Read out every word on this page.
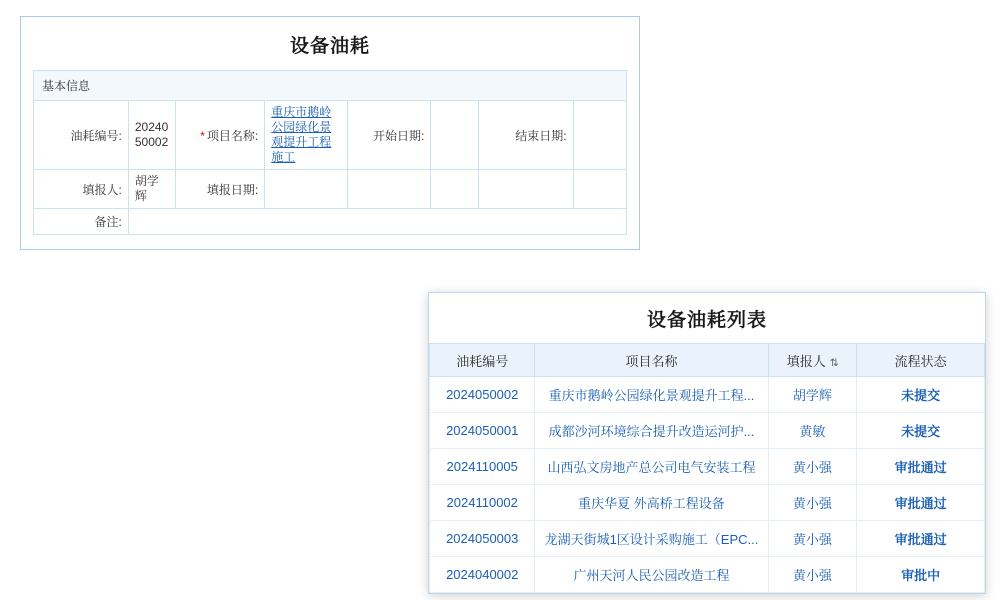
设备油耗
基本信息
油耗编号:	20240 50002	* 项目名称:	重庆市鹅岭公园绿化景观提升工程施工	开始日期:		结束日期:	
填报人:	胡学辉	填报日期:					
备注:							
设备油耗列表
油耗编号	项目名称	填报人 ⇅	流程状态
2024050002	重庆市鹅岭公园绿化景观提升工程...	胡学辉	未提交
2024050001	成都沙河环境综合提升改造运河护...	黄敏	未提交
2024110005	山西弘文房地产总公司电气安装工程	黄小强	审批通过
2024110002	重庆华夏 外高桥工程设备	黄小强	审批通过
2024050003	龙湖天街城1区设计采购施工（EPC...	黄小强	审批通过
2024040002	广州天河人民公园改造工程	黄小强	审批中
